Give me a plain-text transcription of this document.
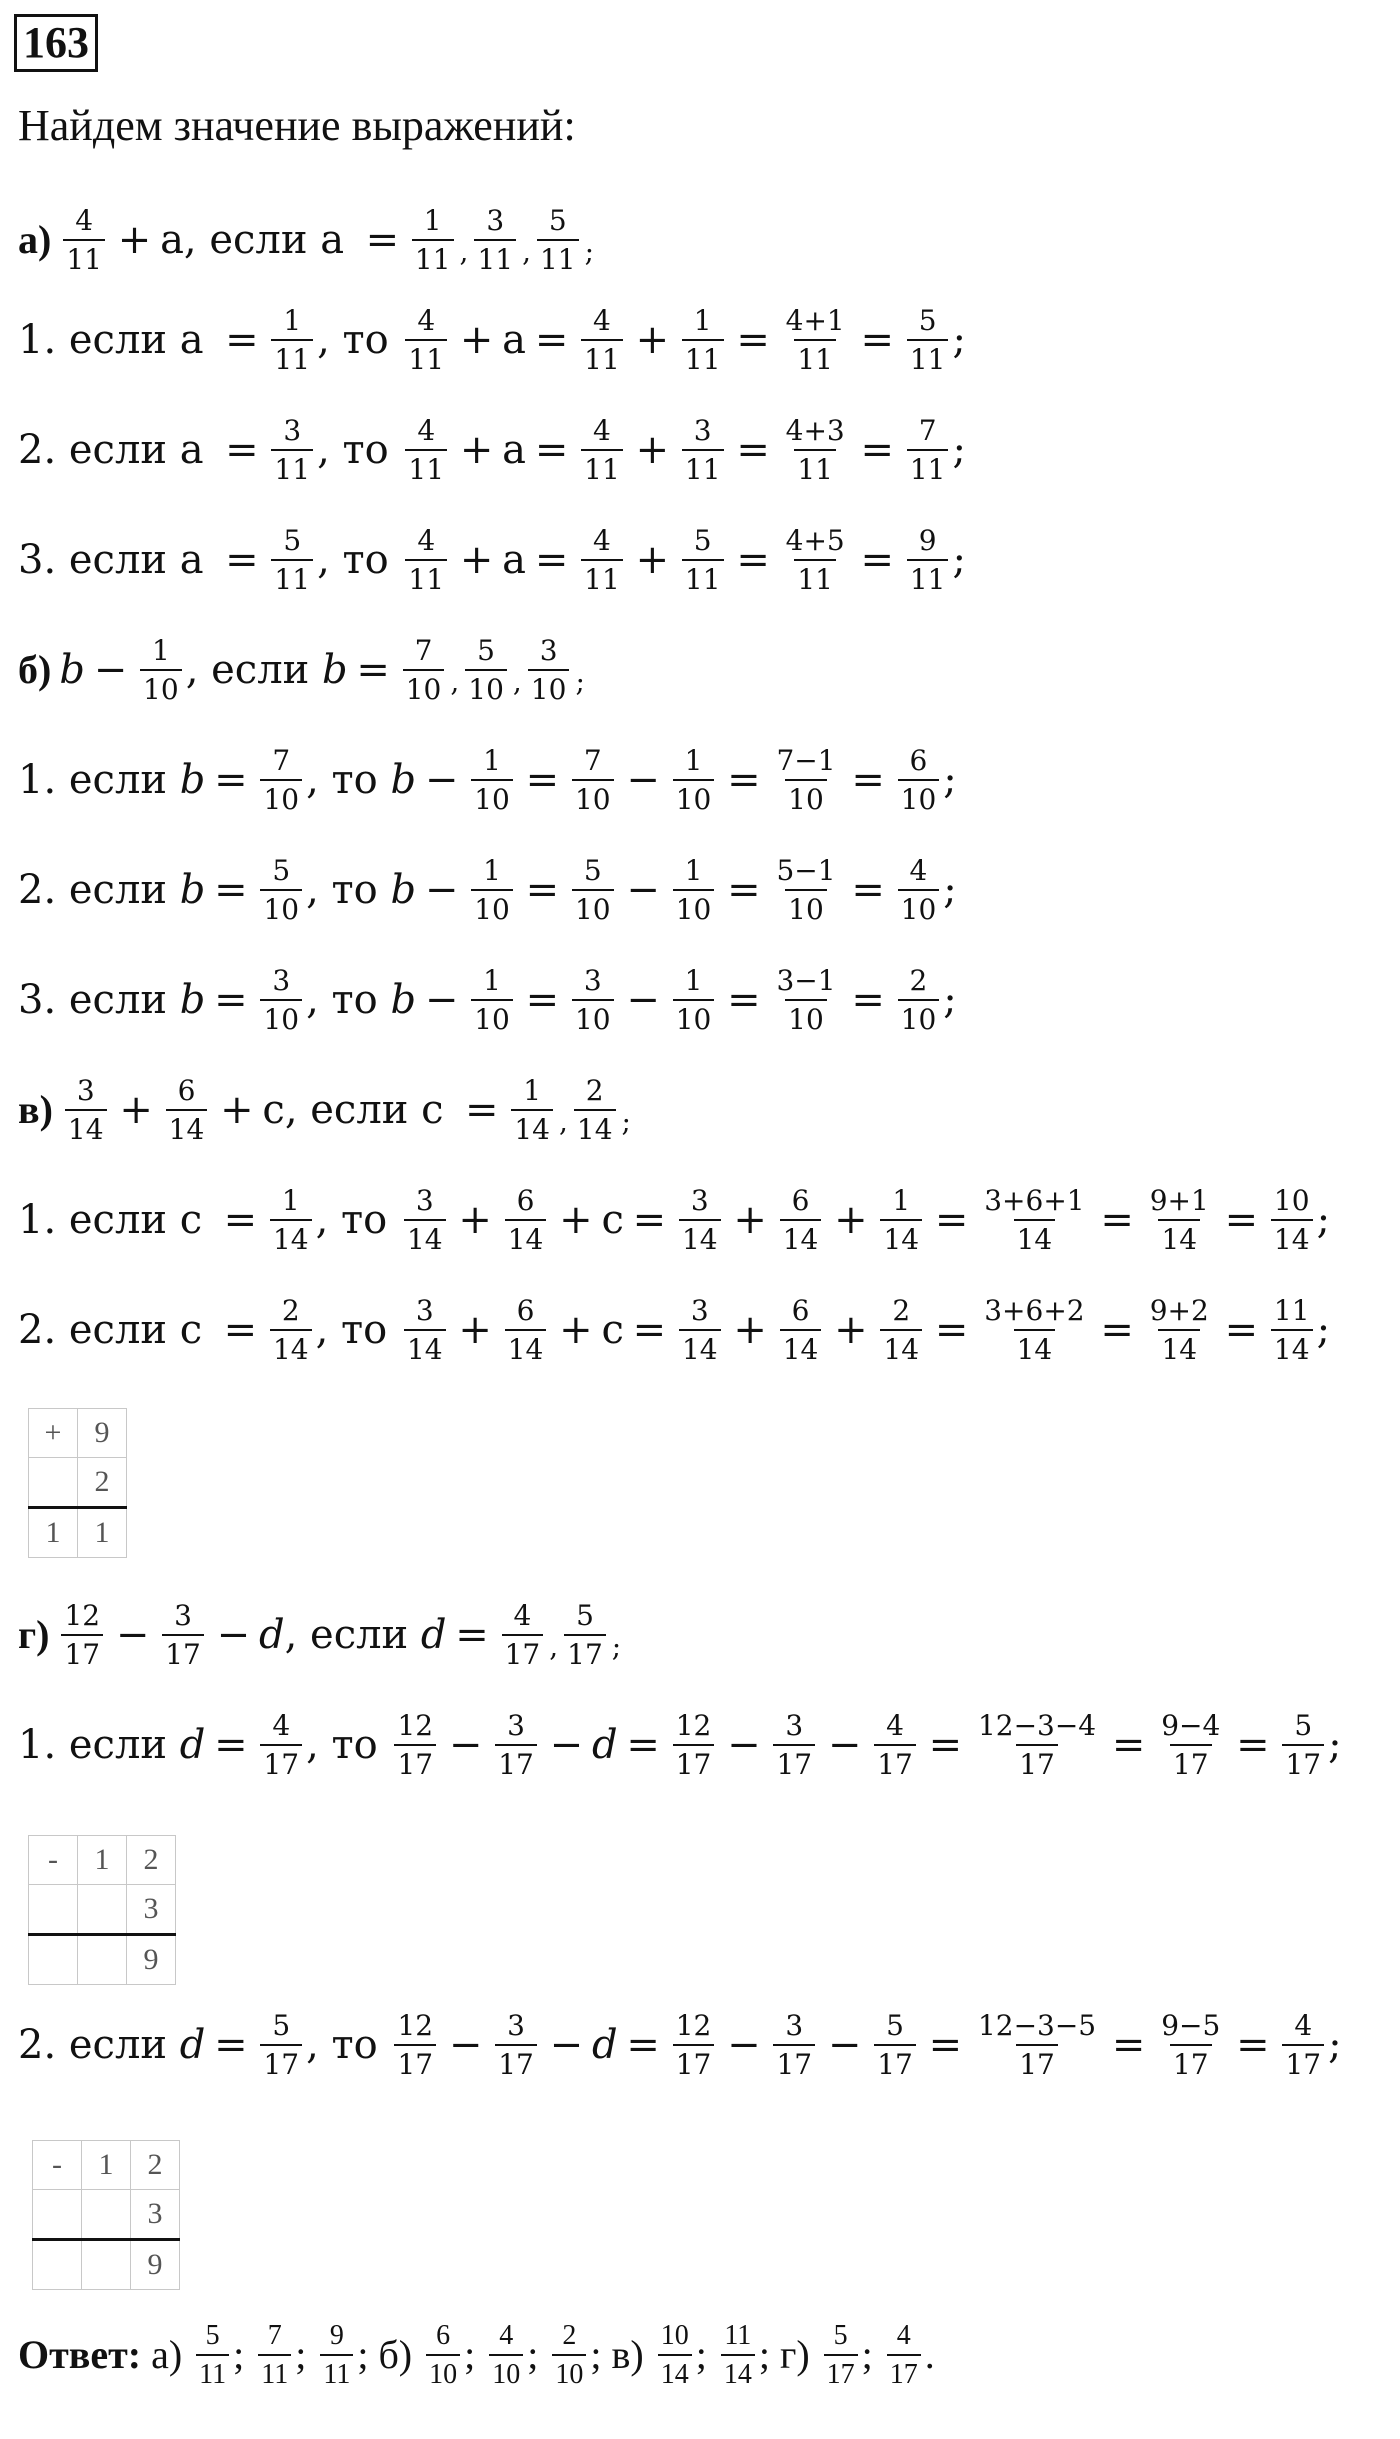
163
Найдем значение выражений:
$а) \frac{4}{11} + а$, если $а = \frac{1}{11}$ , $\frac{3}{11}$ , $\frac{5}{11}$ ;
1. если $а = \frac{1}{11}$ , то $\frac{4}{11} + а = \frac{4}{11} + \frac{1}{11} = \frac{4+1}{11} = \frac{5}{11}$ ;
2. если $а = \frac{3}{11}$ , то $\frac{4}{11} + а = \frac{4}{11} + \frac{3}{11} = \frac{4+3}{11} = \frac{7}{11}$ ;
3. если $а = \frac{5}{11}$ , то $\frac{4}{11} + а = \frac{4}{11} + \frac{5}{11} = \frac{4+5}{11} = \frac{9}{11}$ ;
б) $b - \frac{1}{10}$ , если $b = \frac{7}{10}$ , $\frac{5}{10}$ , $\frac{3}{10}$ ;
1. если $b = \frac{7}{10}$ , то $b - \frac{1}{10} = \frac{7}{10} - \frac{1}{10} = \frac{7-1}{10} = \frac{6}{10}$ ;
2. если $b = \frac{5}{10}$ , то $b - \frac{1}{10} = \frac{5}{10} - \frac{1}{10} = \frac{5-1}{10} = \frac{4}{10}$ ;
3. если $b = \frac{3}{10}$ , то $b - \frac{1}{10} = \frac{3}{10} - \frac{1}{10} = \frac{3-1}{10} = \frac{2}{10}$ ;
$в) \frac{3}{14} + \frac{6}{14} + с$, если $с = \frac{1}{14}$ , $\frac{2}{14}$ ;
1. если $с = \frac{1}{14}$ , то $\frac{3}{14} + \frac{6}{14} + с = \frac{3}{14} + \frac{6}{14} + \frac{1}{14} = \frac{3+6+1}{14} = \frac{9+1}{14} = \frac{10}{14}$ ;
2. если $с = \frac{2}{14}$ , то $\frac{3}{14} + \frac{6}{14} + с = \frac{3}{14} + \frac{6}{14} + \frac{2}{14} = \frac{3+6+2}{14} = \frac{9+2}{14} = \frac{11}{14}$ ;
+	9
	2
1	1
$г) \frac{12}{17} - \frac{3}{17} - d$ , если $d = \frac{4}{17}$ , $\frac{5}{17}$ ;
1. если $d = \frac{4}{17}$ , то $\frac{12}{17} - \frac{3}{17} - d = \frac{12}{17} - \frac{3}{17} - \frac{4}{17} = \frac{12-3-4}{17} = \frac{9-4}{17} = \frac{5}{17}$ ;
-	1	2
		3
		9
2. если $d = \frac{5}{17}$ , то $\frac{12}{17} - \frac{3}{17} - d = \frac{12}{17} - \frac{3}{17} - \frac{5}{17} = \frac{12-3-5}{17} = \frac{9-5}{17} = \frac{4}{17}$ ;
-	1	2
		3
		9
Ответ: $а) \frac{5}{11}$ ; $\frac{7}{11}$ ; $\frac{9}{11}$ ; $б) \frac{6}{10}$ ; $\frac{4}{10}$ ; $\frac{2}{10}$ ; $в) \frac{10}{14}$ ; $\frac{11}{14}$ ; $г) \frac{5}{17}$ ; $\frac{4}{17}$ .
